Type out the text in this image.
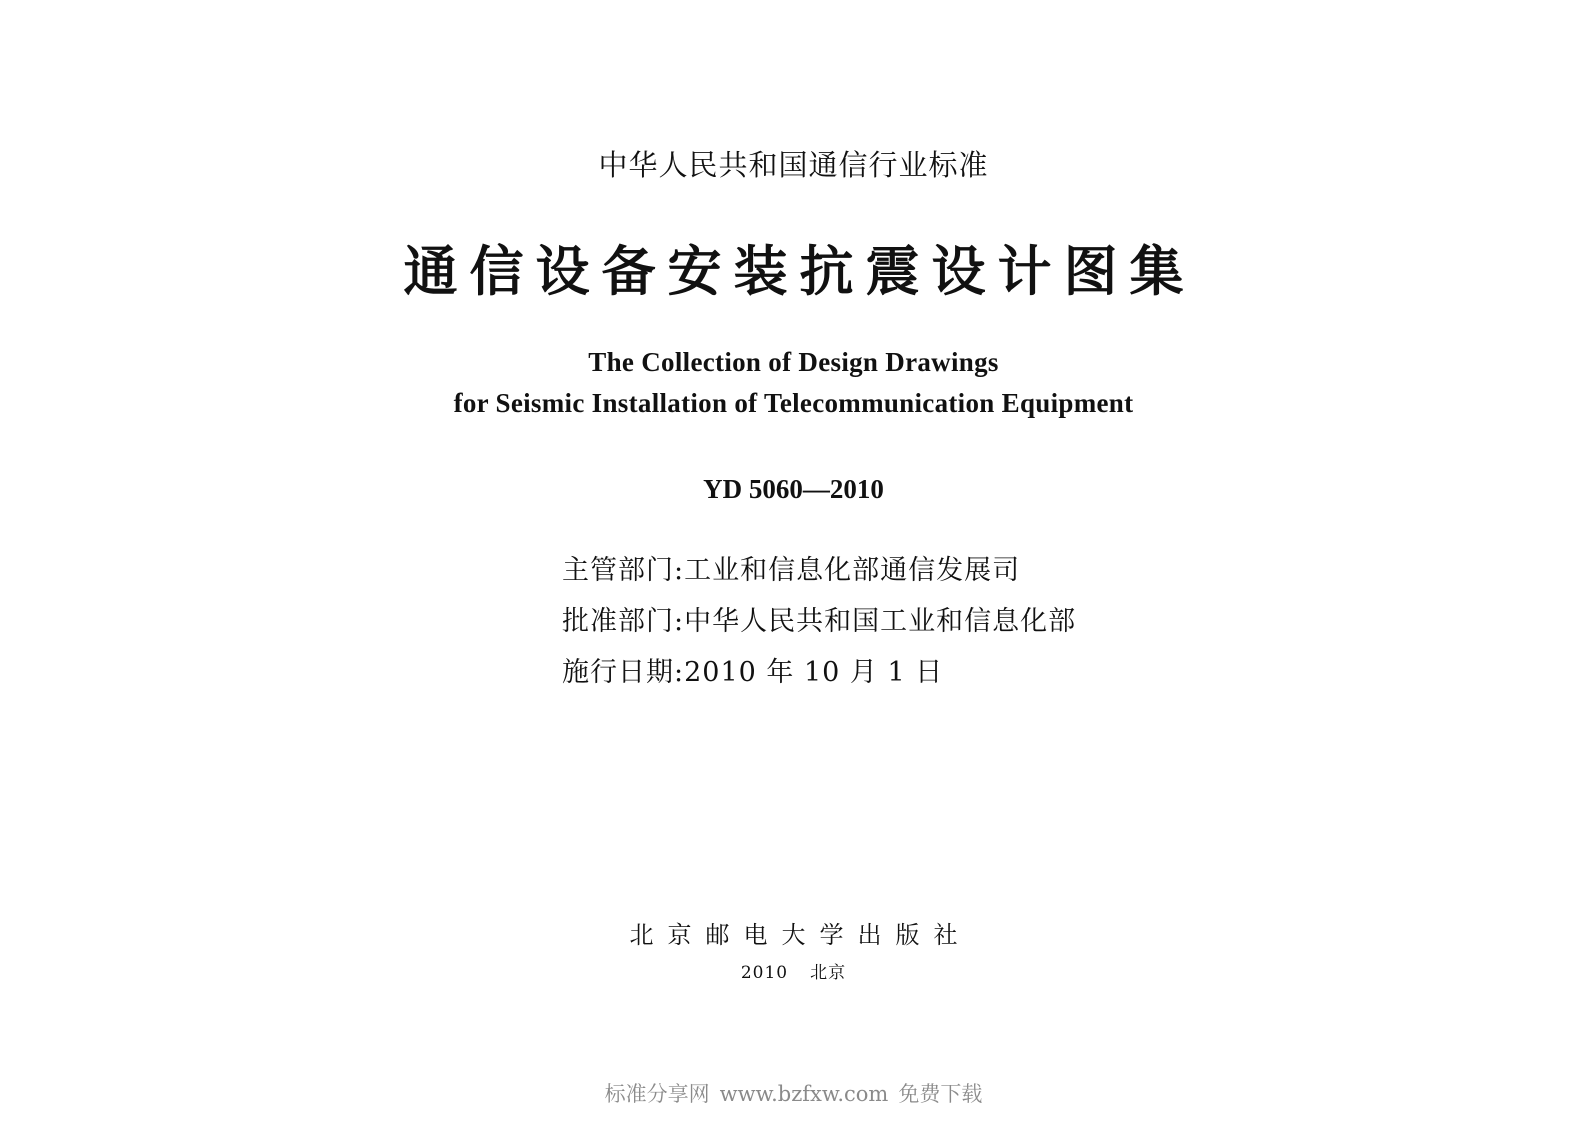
中华人民共和国通信行业标准
通信设备安装抗震设计图集
The Collection of Design Drawings
for Seismic Installation of Telecommunication Equipment
YD 5060—2010
主管部门:工业和信息化部通信发展司
批准部门:中华人民共和国工业和信息化部
施行日期:2010 年 10 月 1 日
北京邮电大学出版社
2010 北京
标准分享网 www.bzfxw.com 免费下载
